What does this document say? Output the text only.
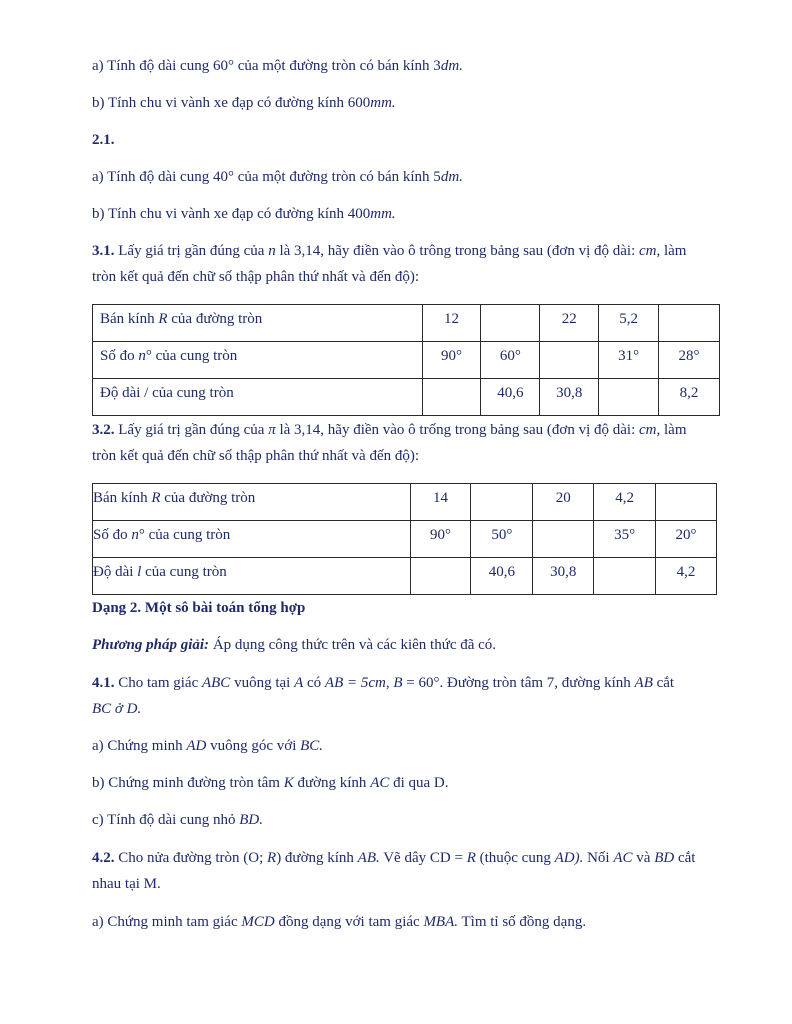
a) Tính độ dài cung 60° của một đường tròn có bán kính 3dm.
b) Tính chu vi vành xe đạp có đường kính 600mm.
2.1.
a) Tính độ dài cung 40° của một đường tròn có bán kính 5dm.
b) Tính chu vi vành xe đạp có đường kính 400mm.
3.1. Lấy giá trị gần đúng của n là 3,14, hãy điền vào ô trông trong bảng sau (đơn vị độ dài: cm, làm
tròn kết quả đến chữ số thập phân thứ nhất và đến độ):
Bán kính R của đường tròn	12		22	5,2	

Số đo n° của cung tròn	90°	60°		31°	28°

Độ dài / của cung tròn		40,6	30,8		8,2
3.2. Lấy giá trị gần đúng của π là 3,14, hãy điền vào ô trống trong bảng sau (đơn vị độ dài: cm, làm
tròn kết quả đến chữ số thập phân thứ nhất và đến độ):
Bán kính R của đường tròn	14		20	4,2	

Số đo n° của cung tròn	90°	50°		35°	20°

Độ dài l của cung tròn		40,6	30,8		4,2
Dạng 2. Một sô bài toán tổng hợp
Phương pháp giải: Áp dụng công thức trên và các kiên thức đã có.
4.1. Cho tam giác ABC vuông tại A có AB = 5cm, B = 60°. Đường tròn tâm 7, đường kính AB cắt
BC ở D.
a) Chứng minh AD vuông góc với BC.
b) Chứng minh đường tròn tâm K đường kính AC đi qua D.
c) Tính độ dài cung nhỏ BD.
4.2. Cho nửa đường tròn (O; R) đường kính AB. Vẽ dây CD = R (thuộc cung AD). Nối AC và BD cắt
nhau tại M.
a) Chứng minh tam giác MCD đồng dạng với tam giác MBA. Tìm tỉ số đồng dạng.
